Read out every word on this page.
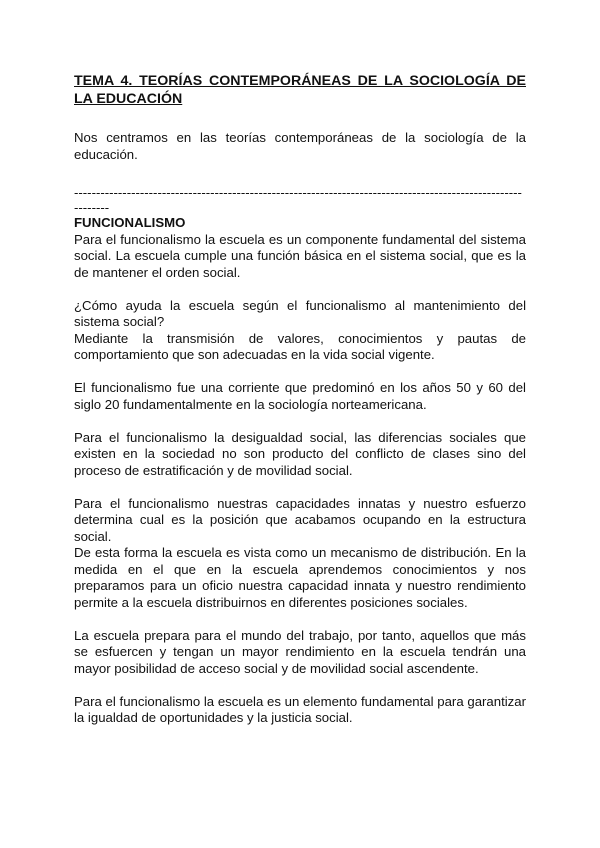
TEMA 4. TEORÍAS CONTEMPORÁNEAS DE LA SOCIOLOGÍA DE LA EDUCACIÓN

Nos centramos en las teorías contemporáneas de la sociología de la educación.

--------------------------------------------------------------------------------------------------------------
FUNCIONALISMO

Para el funcionalismo la escuela es un componente fundamental del sistema social. La escuela cumple una función básica en el sistema social, que es la de mantener el orden social.

¿Cómo ayuda la escuela según el funcionalismo al mantenimiento del sistema social?

Mediante la transmisión de valores, conocimientos y pautas de comportamiento que son adecuadas en la vida social vigente.

El funcionalismo fue una corriente que predominó en los años 50 y 60 del siglo 20 fundamentalmente en la sociología norteamericana.

Para el funcionalismo la desigualdad social, las diferencias sociales que existen en la sociedad no son producto del conflicto de clases sino del proceso de estratificación y de movilidad social.

Para el funcionalismo nuestras capacidades innatas y nuestro esfuerzo determina cual es la posición que acabamos ocupando en la estructura social.

De esta forma la escuela es vista como un mecanismo de distribución. En la medida en el que en la escuela aprendemos conocimientos y nos preparamos para un oficio nuestra capacidad innata y nuestro rendimiento permite a la escuela distribuirnos en diferentes posiciones sociales.

La escuela prepara para el mundo del trabajo, por tanto, aquellos que más se esfuercen y tengan un mayor rendimiento en la escuela tendrán una mayor posibilidad de acceso social y de movilidad social ascendente.

Para el funcionalismo la escuela es un elemento fundamental para garantizar la igualdad de oportunidades y la justicia social.
